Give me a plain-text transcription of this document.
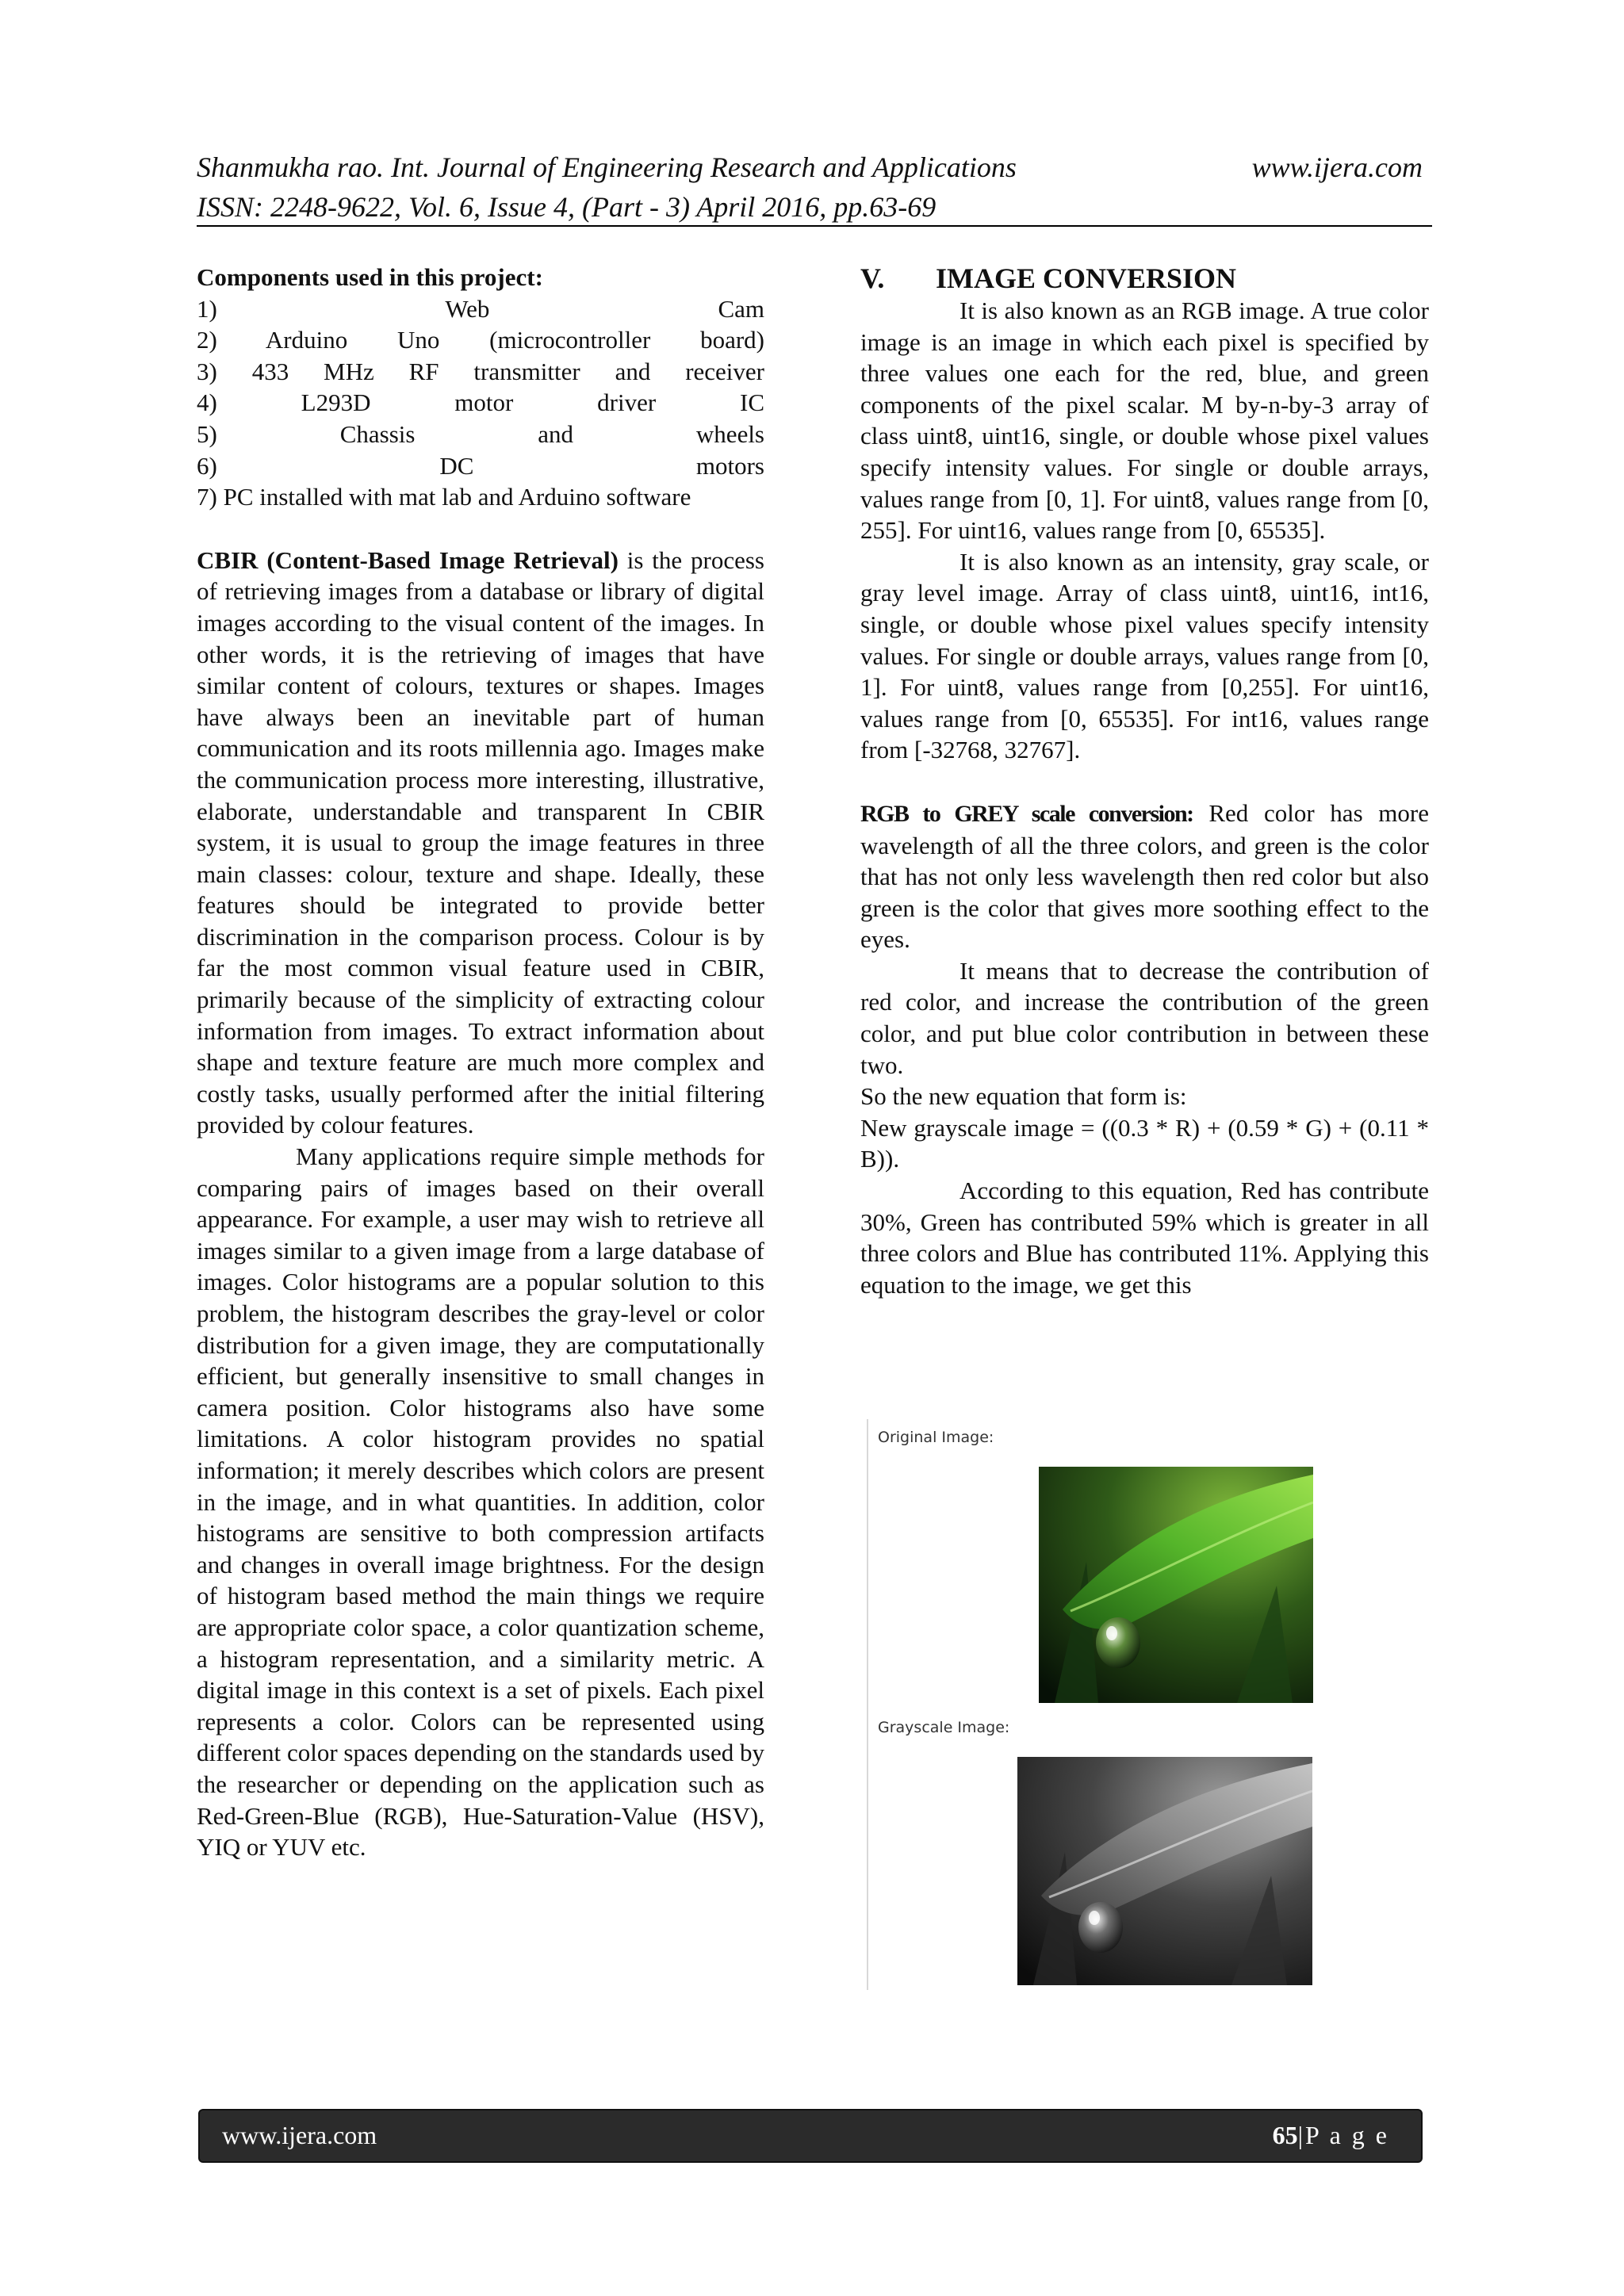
Shanmukha rao. Int. Journal of Engineering Research and Applications	www.ijera.com
ISSN: 2248-9622, Vol. 6, Issue 4, (Part - 3) April 2016, pp.63-69
Components used in this project:
1) Web Cam
2) Arduino Uno (microcontroller board)
3) 433 MHz RF transmitter and receiver
4) L293D motor driver IC
5) Chassis and wheels
6) DC motors
7) PC installed with mat lab and Arduino software

CBIR (Content-Based Image Retrieval) is the process of retrieving images from a database or library of digital images according to the visual content of the images. In other words, it is the retrieving of images that have similar content of colours, textures or shapes. Images have always been an inevitable part of human communication and its roots millennia ago. Images make the communication process more interesting, illustrative, elaborate, understandable and transparent In CBIR system, it is usual to group the image features in three main classes: colour, texture and shape. Ideally, these features should be integrated to provide better discrimination in the comparison process. Colour is by far the most common visual feature used in CBIR, primarily because of the simplicity of extracting colour information from images. To extract information about shape and texture feature are much more complex and costly tasks, usually performed after the initial filtering provided by colour features.

Many applications require simple methods for comparing pairs of images based on their overall appearance. For example, a user may wish to retrieve all images similar to a given image from a large database of images. Color histograms are a popular solution to this problem, the histogram describes the gray-level or color distribution for a given image, they are computationally efficient, but generally insensitive to small changes in camera position. Color histograms also have some limitations. A color histogram provides no spatial information; it merely describes which colors are present in the image, and in what quantities. In addition, color histograms are sensitive to both compression artifacts and changes in overall image brightness. For the design of histogram based method the main things we require are appropriate color space, a color quantization scheme, a histogram representation, and a similarity metric. A digital image in this context is a set of pixels. Each pixel represents a color. Colors can be represented using different color spaces depending on the standards used by the researcher or depending on the application such as Red-Green-Blue (RGB), Hue-Saturation-Value (HSV), YIQ or YUV etc.

V. IMAGE CONVERSION

It is also known as an RGB image. A true color image is an image in which each pixel is specified by three values one each for the red, blue, and green components of the pixel scalar. M by-n-by-3 array of class uint8, uint16, single, or double whose pixel values specify intensity values. For single or double arrays, values range from [0, 1]. For uint8, values range from [0, 255]. For uint16, values range from [0, 65535].

It is also known as an intensity, gray scale, or gray level image. Array of class uint8, uint16, int16, single, or double whose pixel values specify intensity values. For single or double arrays, values range from [0, 1]. For uint8, values range from [0,255]. For uint16, values range from [0, 65535]. For int16, values range from [-32768, 32767].

RGB to GREY scale conversion: Red color has more wavelength of all the three colors, and green is the color that has not only less wavelength then red color but also green is the color that gives more soothing effect to the eyes.

It means that to decrease the contribution of red color, and increase the contribution of the green color, and put blue color contribution in between these two.

So the new equation that form is:

New grayscale image = ((0.3 * R) + (0.59 * G) + (0.11 * B)).

According to this equation, Red has contribute 30%, Green has contributed 59% which is greater in all three colors and Blue has contributed 11%. Applying this equation to the image, we get this

Original Image:
Grayscale Image:
www.ijera.com	65|P a g e
